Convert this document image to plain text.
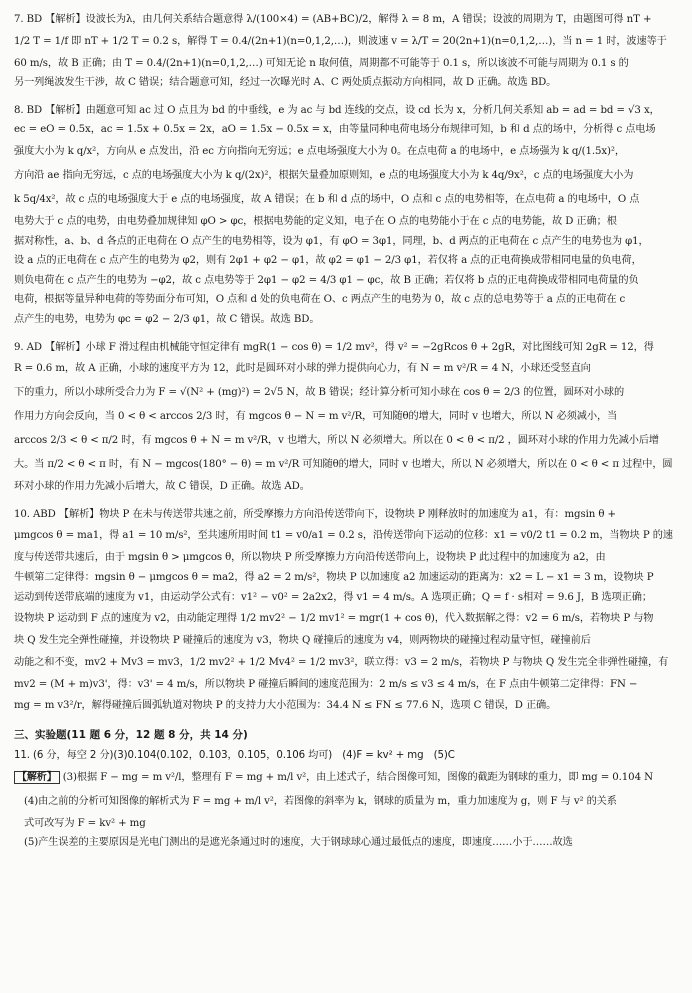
7. BD 【解析】设波长为λ，由几何关系结合题意得 λ/(100×4) = (AB+BC)/2，解得 λ = 8 m，A 错误；设波的周期为 T，由题图可得 nT +

1/2 T = 1/f 即 nT + 1/2 T = 0.2 s，解得 T = 0.4/(2n+1)(n=0,1,2,…)，则波速 v = λ/T = 20(2n+1)(n=0,1,2,…)，当 n = 1 时，波速等于

60 m/s，故 B 正确；由 T = 0.4/(2n+1)(n=0,1,2,…) 可知无论 n 取何值，周期都不可能等于 0.1 s，所以该波不可能与周期为 0.1 s 的

另一列绳波发生干涉，故 C 错误；结合题意可知，经过一次曝光时 A、C 两处质点振动方向相同，故 D 正确。故选 BD。

8. BD 【解析】由题意可知 ac 过 O 点且为 bd 的中垂线，e 为 ac 与 bd 连线的交点，设 cd 长为 x，分析几何关系知 ab = ad = bd = √3 x，

ec = eO = 0.5x，ac = 1.5x + 0.5x = 2x，aO = 1.5x − 0.5x = x，由等量同种电荷电场分布规律可知，b 和 d 点的场中，分析得 c 点电场

强度大小为 k q/x²，方向从 e 点发出，沿 ec 方向指向无穷远；e 点电场强度大小为 0。在点电荷 a 的电场中，e 点场强为 k q/(1.5x)²，

方向沿 ae 指向无穷远，c 点的电场强度大小为 k q/(2x)²，根据矢量叠加原则知，e 点的电场强度大小为 k 4q/9x²，c 点的电场强度大小为

k 5q/4x²，故 c 点的电场强度大于 e 点的电场强度，故 A 错误；在 b 和 d 点的场中，O 点和 c 点的电势相等，在点电荷 a 的电场中，O 点

电势大于 c 点的电势，由电势叠加规律知 φO > φc，根据电势能的定义知，电子在 O 点的电势能小于在 c 点的电势能，故 D 正确；根

据对称性，a、b、d 各点的正电荷在 O 点产生的电势相等，设为 φ1，有 φO = 3φ1，同理，b、d 两点的正电荷在 c 点产生的电势也为 φ1，

设 a 点的正电荷在 c 点产生的电势为 φ2，则有 2φ1 + φ2 − φ1，故 φ2 = φ1 − 2/3 φ1，若仅将 a 点的正电荷换成带相同电量的负电荷，

则负电荷在 c 点产生的电势为 −φ2，故 c 点电势等于 2φ1 − φ2 = 4/3 φ1 − φc，故 B 正确；若仅将 b 点的正电荷换成带相同电荷量的负

电荷，根据等量异种电荷的等势面分布可知，O 点和 d 处的负电荷在 O、c 两点产生的电势为 0，故 c 点的总电势等于 a 点的正电荷在 c

点产生的电势，电势为 φc = φ2 − 2/3 φ1，故 C 错误。故选 BD。

9. AD 【解析】小球 F 滑过程由机械能守恒定律有 mgR(1 − cos θ) = 1/2 mv²，得 v² = −2gRcos θ + 2gR，对比图线可知 2gR = 12，得

R = 0.6 m，故 A 正确，小球的速度平方为 12，此时是圆环对小球的弹力提供向心力，有 N = m v²/R = 4 N，小球还受竖直向

下的重力，所以小球所受合力为 F = √(N² + (mg)²) = 2√5 N，故 B 错误；经计算分析可知小球在 cos θ = 2/3 的位置，圆环对小球的

作用力方向会反向，当 0 < θ < arccos 2/3 时，有 mgcos θ − N = m v²/R，可知随θ的增大，同时 v 也增大，所以 N 必须减小，当

arccos 2/3 < θ < π/2 时，有 mgcos θ + N = m v²/R，v 也增大，所以 N 必须增大。所以在 0 < θ < π/2 ，圆环对小球的作用力先减小后增

大。当 π/2 < θ < π 时，有 N − mgcos(180° − θ) = m v²/R 可知随θ的增大，同时 v 也增大，所以 N 必须增大，所以在 0 < θ < π 过程中，圆

环对小球的作用力先减小后增大，故 C 错误，D 正确。故选 AD。

10. ABD 【解析】物块 P 在未与传送带共速之前，所受摩擦力方向沿传送带向下，设物块 P 刚释放时的加速度为 a1，有：mgsin θ +

μmgcos θ = ma1，得 a1 = 10 m/s²，至共速所用时间 t1 = v0/a1 = 0.2 s，沿传送带向下运动的位移：x1 = v0/2 t1 = 0.2 m，当物块 P 的速

度与传送带共速后，由于 mgsin θ > μmgcos θ，所以物块 P 所受摩擦力方向沿传送带向上，设物块 P 此过程中的加速度为 a2，由

牛顿第二定律得：mgsin θ − μmgcos θ = ma2，得 a2 = 2 m/s²，物块 P 以加速度 a2 加速运动的距离为：x2 = L − x1 = 3 m，设物块 P

运动到传送带底端的速度为 v1，由运动学公式有：v1² − v0² = 2a2x2，得 v1 = 4 m/s。A 选项正确；Q = f · s相对 = 9.6 J，B 选项正确；

设物块 P 运动到 F 点的速度为 v2，由动能定理得 1/2 mv2² − 1/2 mv1² = mgr(1 + cos θ)，代入数据解之得：v2 = 6 m/s，若物块 P 与物

块 Q 发生完全弹性碰撞，并设物块 P 碰撞后的速度为 v3，物块 Q 碰撞后的速度为 v4，则两物块的碰撞过程动量守恒，碰撞前后

动能之和不变，mv2 + Mv3 = mv3，1/2 mv2² + 1/2 Mv4² = 1/2 mv3²，联立得：v3 = 2 m/s，若物块 P 与物块 Q 发生完全非弹性碰撞，有

mv2 = (M + m)v3'，得：v3' = 4 m/s，所以物块 P 碰撞后瞬间的速度范围为：2 m/s ≤ v3 ≤ 4 m/s，在 F 点由牛顿第二定律得：FN −

mg = m v3²/r，解得碰撞后圆弧轨道对物块 P 的支持力大小范围为：34.4 N ≤ FN ≤ 77.6 N，选项 C 错误，D 正确。

三、实验题(11 题 6 分，12 题 8 分，共 14 分)

11. (6 分，每空 2 分)(3)0.104(0.102，0.103，0.105，0.106 均可)　(4)F = kv² + mg　(5)C

【解析】 (3)根据 F − mg = m v²/l，整理有 F = mg + m/l v²，由上述式子，结合图像可知，图像的截距为钢球的重力，即 mg = 0.104 N

(4)由之前的分析可知图像的解析式为 F = mg + m/l v²，若图像的斜率为 k，钢球的质量为 m，重力加速度为 g，则 F 与 v² 的关系

式可改写为 F = kv² + mg

(5)产生误差的主要原因是光电门测出的是遮光条通过时的速度，大于钢球球心通过最低点的速度，即速度……小于……故选
